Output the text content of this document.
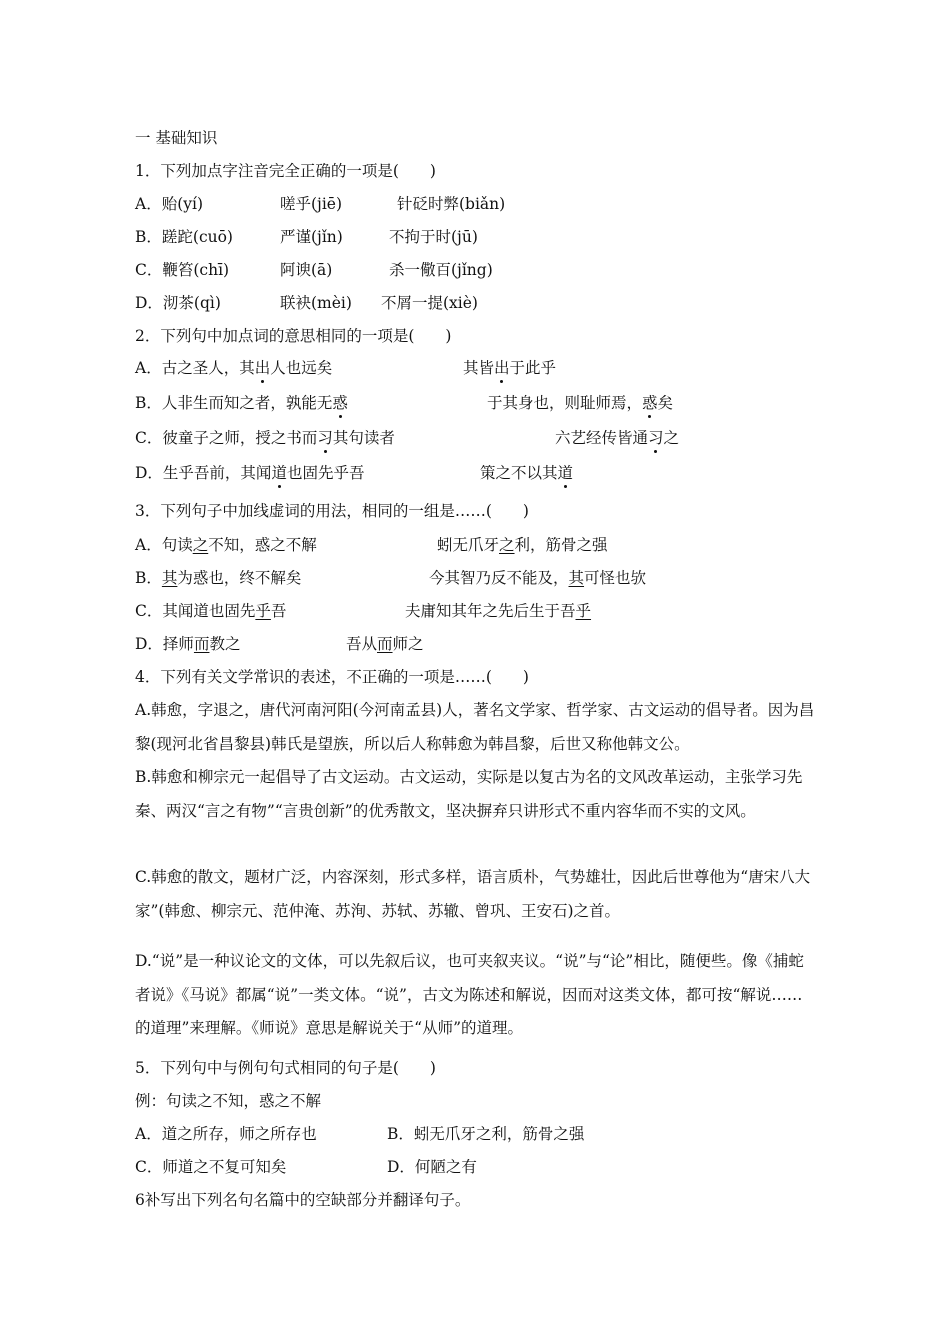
一 基础知识
1．下列加点字注音完全正确的一项是(　　)
A．贻(yí)	嗟乎(jiē)	针砭时弊(biǎn)
B．蹉跎(cuō)	严谨(jǐn)	不拘于时(jū)
C．鞭笞(chī)	阿谀(ā)	杀一儆百(jǐng)
D．沏茶(qì)	联袂(mèi) 不屑一提(xiè)
2．下列句中加点词的意思相同的一项是(　　)
A．古之圣人，其出人也远矣	其皆出于此乎
B．人非生而知之者，孰能无惑	于其身也，则耻师焉，惑矣
C．彼童子之师，授之书而习其句读者	六艺经传皆通习之
D．生乎吾前，其闻道也固先乎吾	策之不以其道
3．下列句子中加线虚词的用法，相同的一组是……(　　)
A．句读之不知，惑之不解	蚓无爪牙之利，筋骨之强
B．其为惑也，终不解矣	今其智乃反不能及，其可怪也欤
C．其闻道也固先乎吾	夫庸知其年之先后生于吾乎
D．择师而教之	吾从而师之
4．下列有关文学常识的表述，不正确的一项是……(　　)
A.韩愈，字退之，唐代河南河阳(今河南孟县)人，著名文学家、哲学家、古文运动的倡导者。因为昌黎(现河北省昌黎县)韩氏是望族，所以后人称韩愈为韩昌黎，后世又称他韩文公。
B.韩愈和柳宗元一起倡导了古文运动。古文运动，实际是以复古为名的文风改革运动，主张学习先秦、两汉“言之有物”“言贵创新”的优秀散文，坚决摒弃只讲形式不重内容华而不实的文风。
C.韩愈的散文，题材广泛，内容深刻，形式多样，语言质朴，气势雄壮，因此后世尊他为“唐宋八大家”(韩愈、柳宗元、范仲淹、苏洵、苏轼、苏辙、曾巩、王安石)之首。
D.“说”是一种议论文的文体，可以先叙后议，也可夹叙夹议。“说”与“论”相比，随便些。像《捕蛇者说》《马说》都属“说”一类文体。“说”，古文为陈述和解说，因而对这类文体，都可按“解说……的道理”来理解。《师说》意思是解说关于“从师”的道理。
5．下列句中与例句句式相同的句子是(　　)
例：句读之不知，惑之不解
A．道之所存，师之所存也	B．蚓无爪牙之利，筋骨之强
C．师道之不复可知矣	D．何陋之有
6补写出下列名句名篇中的空缺部分并翻译句子。
